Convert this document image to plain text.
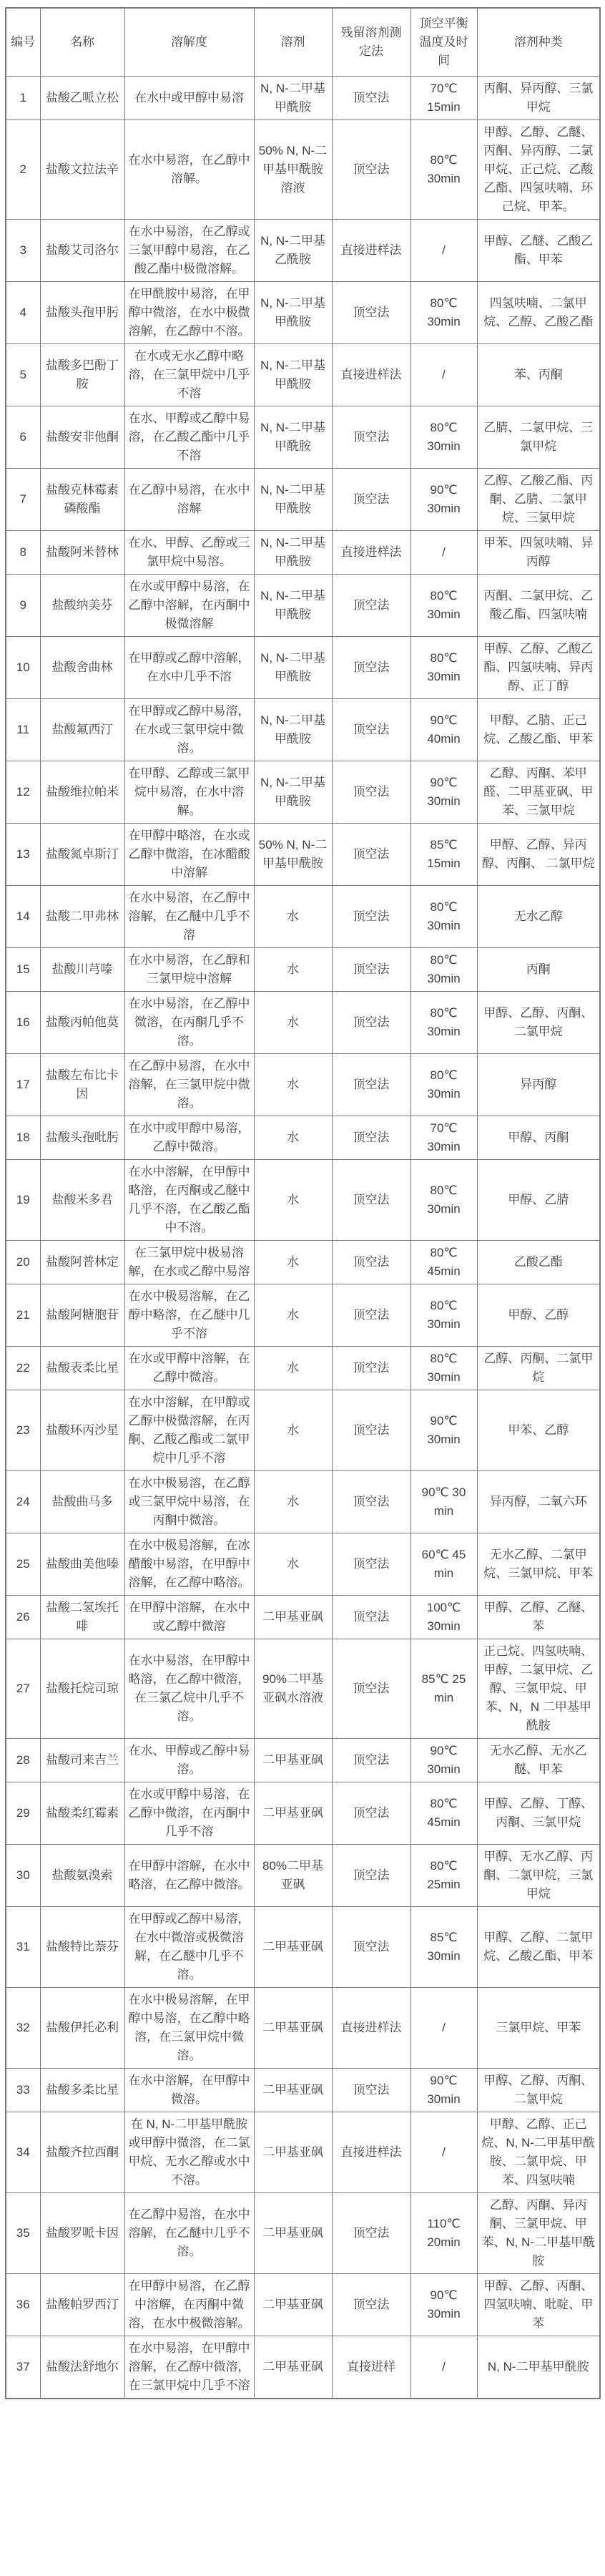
编号	名称	溶解度	溶剂	残留溶剂测定法	顶空平衡温度及时间	溶剂种类
1	盐酸乙哌立松	在水中或甲醇中易溶	N, N-二甲基甲酰胺	顶空法	70℃ 15min	丙酮、异丙醇、三氯甲烷
2	盐酸文拉法辛	在水中易溶，在乙醇中溶解。	50% N, N-二甲基甲酰胺溶液	顶空法	80℃ 30min	甲醇、乙醇、乙醚、丙酮、异丙醇、二氯甲烷、正己烷、乙酸乙酯、四氢呋喃、环己烷、甲苯。
3	盐酸艾司洛尔	在水中易溶，在乙醇或三氯甲醇中易溶，在乙酸乙酯中极微溶解。	N, N-二甲基乙酰胺	直接进样法	/	甲醇、乙醚、乙酸乙酯、甲苯
4	盐酸头孢甲肟	在甲酰胺中易溶，在甲醇中微溶，在水中极微溶解，在乙醇中不溶。	N, N-二甲基甲酰胺	顶空法	80℃ 30min	四氢呋喃、二氯甲烷、乙醇、乙酸乙酯
5	盐酸多巴酚丁胺	在水或无水乙醇中略溶，在三氯甲烷中几乎不溶	N, N-二甲基甲酰胺	直接进样法	/	苯、丙酮
6	盐酸安非他酮	在水、甲醇或乙醇中易溶，在乙酸乙酯中几乎不溶	N, N-二甲基甲酰胺	顶空法	80℃ 30min	乙腈、二氯甲烷、三氯甲烷
7	盐酸克林霉素磷酸酯	在乙醇中易溶，在水中溶解	N, N-二甲基甲酰胺	顶空法	90℃ 30min	乙醇、乙酸乙酯、丙酮、乙腈、二氯甲烷、三氯甲烷
8	盐酸阿米替林	在水、甲醇、乙醇或三氯甲烷中易溶。	N, N-二甲基甲酰胺	直接进样法	/	甲苯、四氢呋喃、异丙醇
9	盐酸纳美芬	在水或甲醇中易溶，在乙醇中溶解，在丙酮中极微溶解	N, N-二甲基甲酰胺	顶空法	80℃ 30min	丙酮、二氯甲烷、乙酸乙酯、四氢呋喃
10	盐酸舍曲林	在甲醇或乙醇中溶解，在水中几乎不溶	N, N-二甲基甲酰胺	顶空法	80℃ 30min	甲醇、乙醇、乙酸乙酯、四氢呋喃、异丙醇、正丁醇
11	盐酸氟西汀	在甲醇或乙醇中易溶，在水或三氯甲烷中微溶。	N, N-二甲基甲酰胺	顶空法	90℃ 40min	甲醇、乙腈、正己烷、乙酸乙酯、甲苯
12	盐酸维拉帕米	在甲醇、乙醇或三氯甲烷中易溶，在水中溶解。	N, N-二甲基甲酰胺	顶空法	90℃ 30min	乙醇、丙酮、苯甲醛、二甲基亚砜、甲苯、三氯甲烷
13	盐酸氮卓斯汀	在甲醇中略溶，在水或乙醇中微溶，在冰醋酸中溶解	50% N, N-二甲基甲酰胺	顶空法	85℃ 15min	甲醇、乙醇、异丙醇、丙酮、 二氯甲烷
14	盐酸二甲弗林	在水中易溶，在乙醇中溶解，在乙醚中几乎不溶	水	顶空法	80℃ 30min	无水乙醇
15	盐酸川芎嗪	在水中易溶，在乙醇和三氯甲烷中溶解	水	顶空法	80℃ 30min	丙酮
16	盐酸丙帕他莫	在水中易溶，在乙醇中微溶，在丙酮几乎不溶。	水	顶空法	80℃ 30min	甲醇、乙醇、丙酮、二氯甲烷
17	盐酸左布比卡因	在乙醇中易溶，在水中溶解，在三氯甲烷中微溶。	水	顶空法	80℃ 30min	异丙醇
18	盐酸头孢吡肟	在水中或甲醇中易溶，乙醇中微溶。	水	顶空法	70℃ 30min	甲醇、丙酮
19	盐酸米多君	在水中溶解，在甲醇中略溶，在丙酮或乙醚中几乎不溶，在乙酸乙酯中不溶。	水	顶空法	80℃ 30min	甲醇、乙腈
20	盐酸阿普林定	在三氯甲烷中极易溶解，在水或乙醇中易溶	水	顶空法	80℃ 45min	乙酸乙酯
21	盐酸阿糖胞苷	在水中极易溶解，在乙醇中略溶，在乙醚中几乎不溶	水	顶空法	80℃ 30min	甲醇、乙醇
22	盐酸表柔比星	在水或甲醇中溶解，在乙醇中微溶。	水	顶空法	80℃ 30min	乙醇、丙酮、二氯甲烷
23	盐酸环丙沙星	在水中溶解，在甲醇或乙醇中极微溶解，在丙酮、乙酸乙酯或二氯甲烷中几乎不溶	水	顶空法	90℃ 30min	甲苯、乙醇
24	盐酸曲马多	在水中极易溶，在乙醇或三氯甲烷中易溶，在丙酮中微溶。	水	顶空法	90℃ 30 min	异丙醇，二氧六环
25	盐酸曲美他嗪	在水中极易溶解，在冰醋酸中易溶，在甲醇中溶解，在乙醇中略溶。	水	顶空法	60℃ 45 min	无水乙醇、二氯甲烷、三氯甲烷、甲苯
26	盐酸二氢埃托啡	在甲醇中溶解，在水中或乙醇中微溶	二甲基亚砜	顶空法	100℃ 30min	甲醇、乙醇、乙醚、苯
27	盐酸托烷司琼	在水中易溶，在甲醇中略溶，在乙醇中微溶，在三氯乙烷中几乎不溶。	90%二甲基亚砜水溶液	顶空法	85℃ 25 min	正己烷、四氢呋喃、甲醇、二氯甲烷、乙醇、三氯甲烷、甲苯、N，N 二甲基甲酰胺
28	盐酸司来吉兰	在水、甲醇或乙醇中易溶。	二甲基亚砜	顶空法	90℃ 30min	无水乙醇、无水乙醚、甲苯
29	盐酸柔红霉素	在水或甲醇中易溶，在乙醇中微溶，在丙酮中几乎不溶	二甲基亚砜	顶空法	80℃ 45min	甲醇、乙醇、丁醇、丙酮、三氯甲烷
30	盐酸氨溴索	在甲醇中溶解，在水中略溶，在乙醇中微溶。	80%二甲基亚砜	顶空法	80℃ 25min	甲醇、无水乙醇、丙酮、二氯甲烷，三氯甲烷
31	盐酸特比萘芬	在甲醇或乙醇中易溶，在水中微溶或极微溶解，在乙醚中几乎不溶。	二甲基亚砜	顶空法	85℃ 30min	甲醇、乙醇、二氯甲烷、乙酸乙酯、甲苯
32	盐酸伊托必利	在水中极易溶解，在甲醇中易溶，在乙醇中略溶，在三氯甲烷中微溶。	二甲基亚砜	直接进样法	/	三氯甲烷、甲苯
33	盐酸多柔比星	在水中溶解，在甲醇中微溶。	二甲基亚砜	顶空法	90℃ 30min	甲醇、乙醇、丙酮、二氯甲烷
34	盐酸齐拉西酮	在 N, N-二甲基甲酰胺或甲醇中微溶，在二氯甲烷、无水乙醇或水中不溶。	二甲基亚砜	直接进样法	/	甲醇、乙醇、正己烷、N, N-二甲基甲酰胺、二氯甲烷、甲苯、四氢呋喃
35	盐酸罗哌卡因	在乙醇中易溶，在水中溶解，在乙醚中几乎不溶。	二甲基亚砜	顶空法	110℃ 20min	乙醇、丙酮、异丙酮、三氯甲烷、甲苯、N, N-二甲基甲酰胺
36	盐酸帕罗西汀	在甲醇中易溶，在乙醇中溶解，在丙酮中微溶，在水中极微溶解。	二甲基亚砜	顶空法	90℃ 30min	甲醇、乙醇、丙酮、四氢呋喃、吡啶、甲苯
37	盐酸法舒地尔	在水中易溶，在甲醇中溶解，在乙醇中微溶，在三氯甲烷中几乎不溶	二甲基亚砜	直接进样	/	N, N-二甲基甲酰胺
